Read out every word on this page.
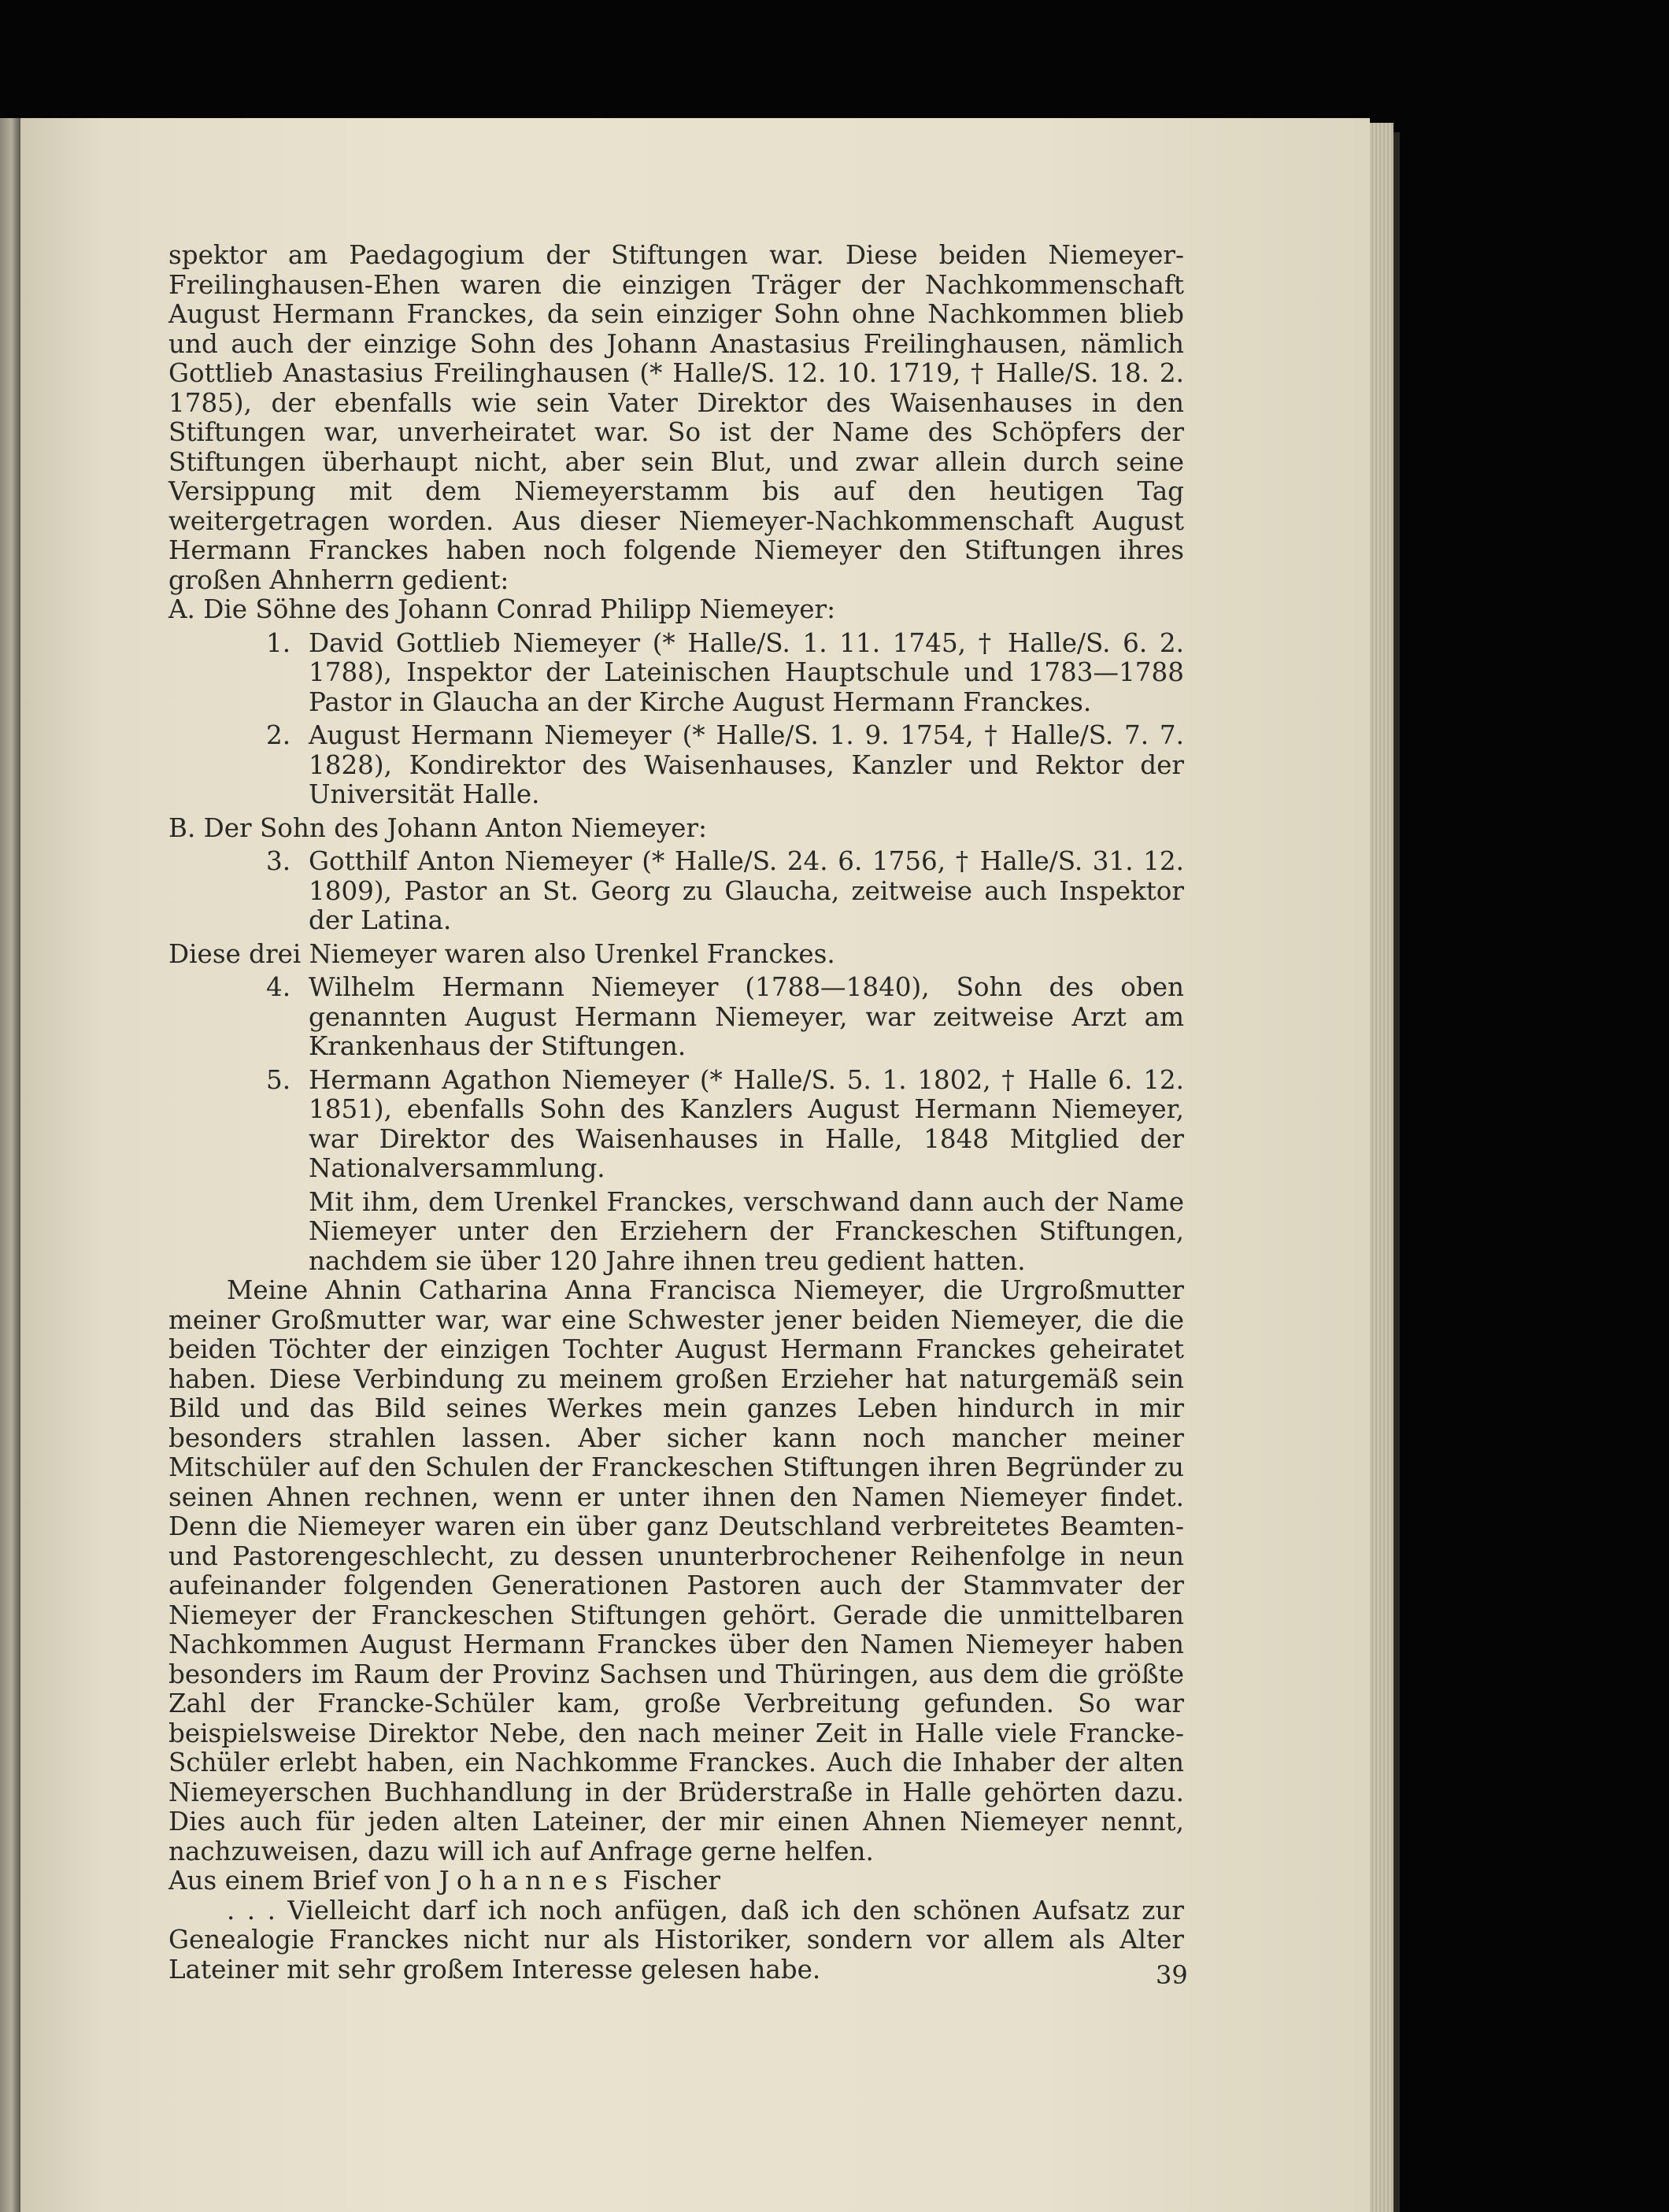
spektor am Paedagogium der Stiftungen war. Diese beiden Niemeyer-Freilinghausen-Ehen waren die einzigen Träger der Nachkommenschaft August Hermann Franckes, da sein einziger Sohn ohne Nachkommen blieb und auch der einzige Sohn des Johann Anastasius Freilinghausen, nämlich Gottlieb Anastasius Freilinghausen (* Halle/S. 12. 10. 1719, † Halle/S. 18. 2. 1785), der ebenfalls wie sein Vater Direktor des Waisenhauses in den Stiftungen war, unverheiratet war. So ist der Name des Schöpfers der Stiftungen überhaupt nicht, aber sein Blut, und zwar allein durch seine Versippung mit dem Niemeyerstamm bis auf den heutigen Tag weitergetragen worden. Aus dieser Niemeyer-Nachkommenschaft August Hermann Franckes haben noch folgende Niemeyer den Stiftungen ihres großen Ahnherrn gedient:

A. Die Söhne des Johann Conrad Philipp Niemeyer:

1. David Gottlieb Niemeyer (* Halle/S. 1. 11. 1745, † Halle/S. 6. 2. 1788), Inspektor der Lateinischen Hauptschule und 1783—1788 Pastor in Glaucha an der Kirche August Hermann Franckes.
2. August Hermann Niemeyer (* Halle/S. 1. 9. 1754, † Halle/S. 7. 7. 1828), Kondirektor des Waisenhauses, Kanzler und Rektor der Universität Halle.

B. Der Sohn des Johann Anton Niemeyer:

3. Gotthilf Anton Niemeyer (* Halle/S. 24. 6. 1756, † Halle/S. 31. 12. 1809), Pastor an St. Georg zu Glaucha, zeitweise auch Inspektor der Latina.

Diese drei Niemeyer waren also Urenkel Franckes.

4. Wilhelm Hermann Niemeyer (1788—1840), Sohn des oben genannten August Hermann Niemeyer, war zeitweise Arzt am Krankenhaus der Stiftungen.
5. Hermann Agathon Niemeyer (* Halle/S. 5. 1. 1802, † Halle 6. 12. 1851), ebenfalls Sohn des Kanzlers August Hermann Niemeyer, war Direktor des Waisenhauses in Halle, 1848 Mitglied der Nationalversammlung.

Mit ihm, dem Urenkel Franckes, verschwand dann auch der Name Niemeyer unter den Erziehern der Franckeschen Stiftungen, nachdem sie über 120 Jahre ihnen treu gedient hatten.

Meine Ahnin Catharina Anna Francisca Niemeyer, die Urgroßmutter meiner Großmutter war, war eine Schwester jener beiden Niemeyer, die die beiden Töchter der einzigen Tochter August Hermann Franckes geheiratet haben. Diese Verbindung zu meinem großen Erzieher hat naturgemäß sein Bild und das Bild seines Werkes mein ganzes Leben hindurch in mir besonders strahlen lassen. Aber sicher kann noch mancher meiner Mitschüler auf den Schulen der Franckeschen Stiftungen ihren Begründer zu seinen Ahnen rechnen, wenn er unter ihnen den Namen Niemeyer findet. Denn die Niemeyer waren ein über ganz Deutschland verbreitetes Beamten- und Pastorengeschlecht, zu dessen ununterbrochener Reihenfolge in neun aufeinander folgenden Generationen Pastoren auch der Stammvater der Niemeyer der Franckeschen Stiftungen gehört. Gerade die unmittelbaren Nachkommen August Hermann Franckes über den Namen Niemeyer haben besonders im Raum der Provinz Sachsen und Thüringen, aus dem die größte Zahl der Francke-Schüler kam, große Verbreitung gefunden. So war beispielsweise Direktor Nebe, den nach meiner Zeit in Halle viele Francke-Schüler erlebt haben, ein Nachkomme Franckes. Auch die Inhaber der alten Niemeyerschen Buchhandlung in der Brüderstraße in Halle gehörten dazu. Dies auch für jeden alten Lateiner, der mir einen Ahnen Niemeyer nennt, nachzuweisen, dazu will ich auf Anfrage gerne helfen.

Aus einem Brief von Johannes Fischer

. . . Vielleicht darf ich noch anfügen, daß ich den schönen Aufsatz zur Genealogie Franckes nicht nur als Historiker, sondern vor allem als Alter Lateiner mit sehr großem Interesse gelesen habe.	39
